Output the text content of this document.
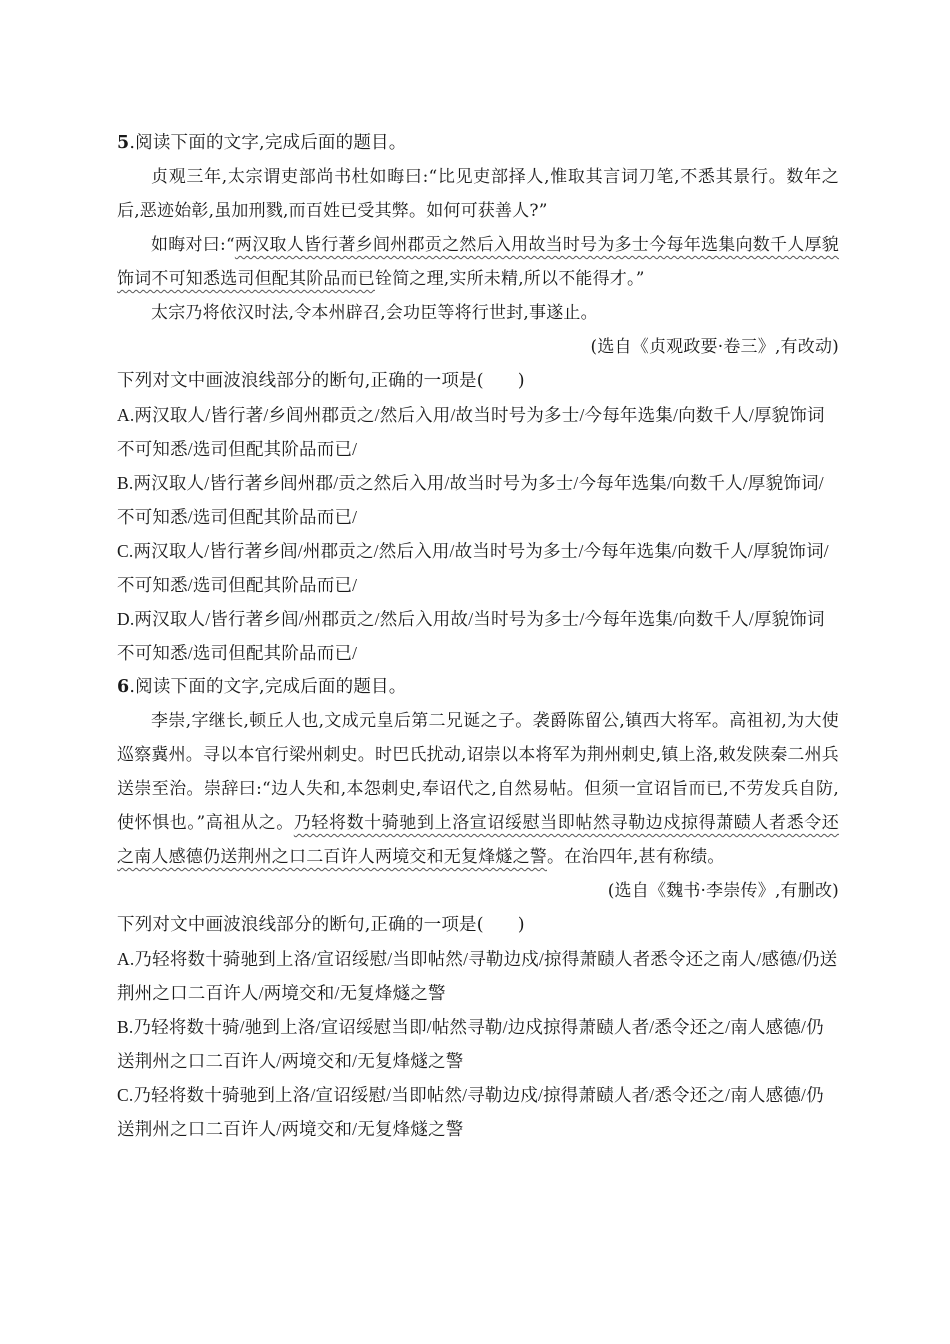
5.阅读下面的文字,完成后面的题目。

贞观三年,太宗谓吏部尚书杜如晦曰:“比见吏部择人,惟取其言词刀笔,不悉其景行。数年之后,恶迹始彰,虽加刑戮,而百姓已受其弊。如何可获善人?”

如晦对曰:“两汉取人皆行著乡闾州郡贡之然后入用故当时号为多士今每年选集向数千人厚貌饰词不可知悉选司但配其阶品而已铨简之理,实所未精,所以不能得才。”

太宗乃将依汉时法,令本州辟召,会功臣等将行世封,事遂止。

(选自《贞观政要·卷三》,有改动)

下列对文中画波浪线部分的断句,正确的一项是( )

A.两汉取人/皆行著/乡闾州郡贡之/然后入用/故当时号为多士/今每年选集/向数千人/厚貌饰词不可知悉/选司但配其阶品而已/

B.两汉取人/皆行著乡闾州郡/贡之然后入用/故当时号为多士/今每年选集/向数千人/厚貌饰词/不可知悉/选司但配其阶品而已/

C.两汉取人/皆行著乡闾/州郡贡之/然后入用/故当时号为多士/今每年选集/向数千人/厚貌饰词/不可知悉/选司但配其阶品而已/

D.两汉取人/皆行著乡闾/州郡贡之/然后入用故/当时号为多士/今每年选集/向数千人/厚貌饰词不可知悉/选司但配其阶品而已/

6.阅读下面的文字,完成后面的题目。

李崇,字继长,顿丘人也,文成元皇后第二兄诞之子。袭爵陈留公,镇西大将军。高祖初,为大使巡察冀州。寻以本官行梁州刺史。时巴氏扰动,诏崇以本将军为荆州刺史,镇上洛,敕发陕秦二州兵送崇至治。崇辞曰:“边人失和,本怨刺史,奉诏代之,自然易帖。但须一宣诏旨而已,不劳发兵自防,使怀惧也。”高祖从之。乃轻将数十骑驰到上洛宣诏绥慰当即帖然寻勒边戍掠得萧赜人者悉令还之南人感德仍送荆州之口二百许人两境交和无复烽燧之警。在治四年,甚有称绩。

(选自《魏书·李崇传》,有删改)

下列对文中画波浪线部分的断句,正确的一项是( )

A.乃轻将数十骑驰到上洛/宣诏绥慰/当即帖然/寻勒边戍/掠得萧赜人者悉令还之南人/感德/仍送荆州之口二百许人/两境交和/无复烽燧之警

B.乃轻将数十骑/驰到上洛/宣诏绥慰当即/帖然寻勒/边戍掠得萧赜人者/悉令还之/南人感德/仍送荆州之口二百许人/两境交和/无复烽燧之警

C.乃轻将数十骑驰到上洛/宣诏绥慰/当即帖然/寻勒边戍/掠得萧赜人者/悉令还之/南人感德/仍送荆州之口二百许人/两境交和/无复烽燧之警
